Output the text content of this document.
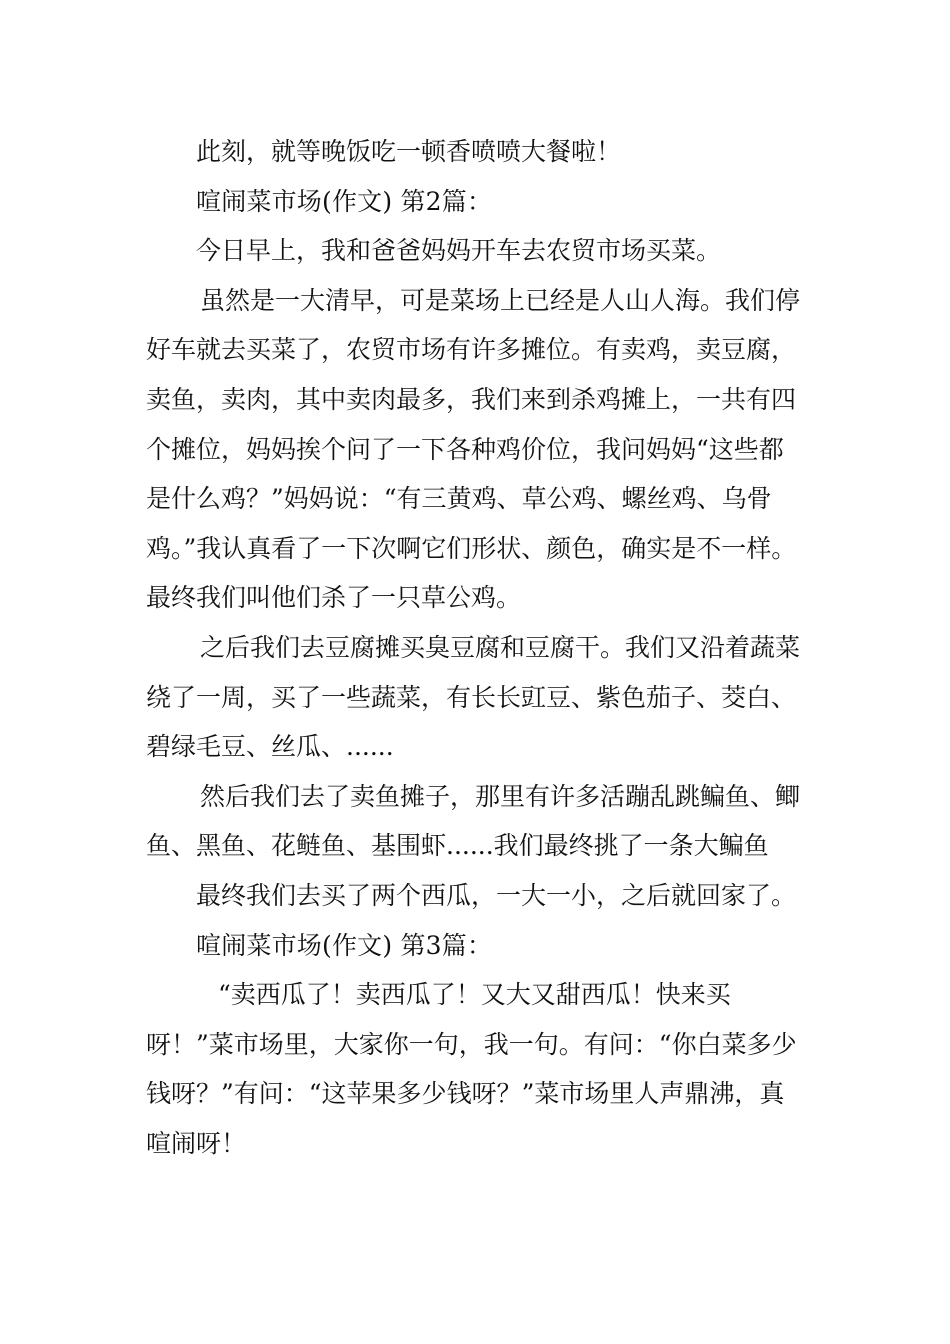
此刻，就等晚饭吃一顿香喷喷大餐啦！

喧闹菜市场(作文) 第2篇：

今日早上，我和爸爸妈妈开车去农贸市场买菜。

虽然是一大清早，可是菜场上已经是人山人海。我们停好车就去买菜了，农贸市场有许多摊位。有卖鸡，卖豆腐，卖鱼，卖肉，其中卖肉最多，我们来到杀鸡摊上，一共有四个摊位，妈妈挨个问了一下各种鸡价位，我问妈妈“这些都是什么鸡？”妈妈说：“有三黄鸡、草公鸡、螺丝鸡、乌骨鸡。”我认真看了一下次啊它们形状、颜色，确实是不一样。最终我们叫他们杀了一只草公鸡。

之后我们去豆腐摊买臭豆腐和豆腐干。我们又沿着蔬菜绕了一周，买了一些蔬菜，有长长豇豆、紫色茄子、茭白、碧绿毛豆、丝瓜、......

然后我们去了卖鱼摊子，那里有许多活蹦乱跳鳊鱼、鲫鱼、黑鱼、花鲢鱼、基围虾......我们最终挑了一条大鳊鱼

最终我们去买了两个西瓜，一大一小，之后就回家了。

喧闹菜市场(作文) 第3篇：

“卖西瓜了！卖西瓜了！又大又甜西瓜！快来买呀！”菜市场里，大家你一句，我一句。有问：“你白菜多少钱呀？”有问：“这苹果多少钱呀？”菜市场里人声鼎沸，真喧闹呀！
